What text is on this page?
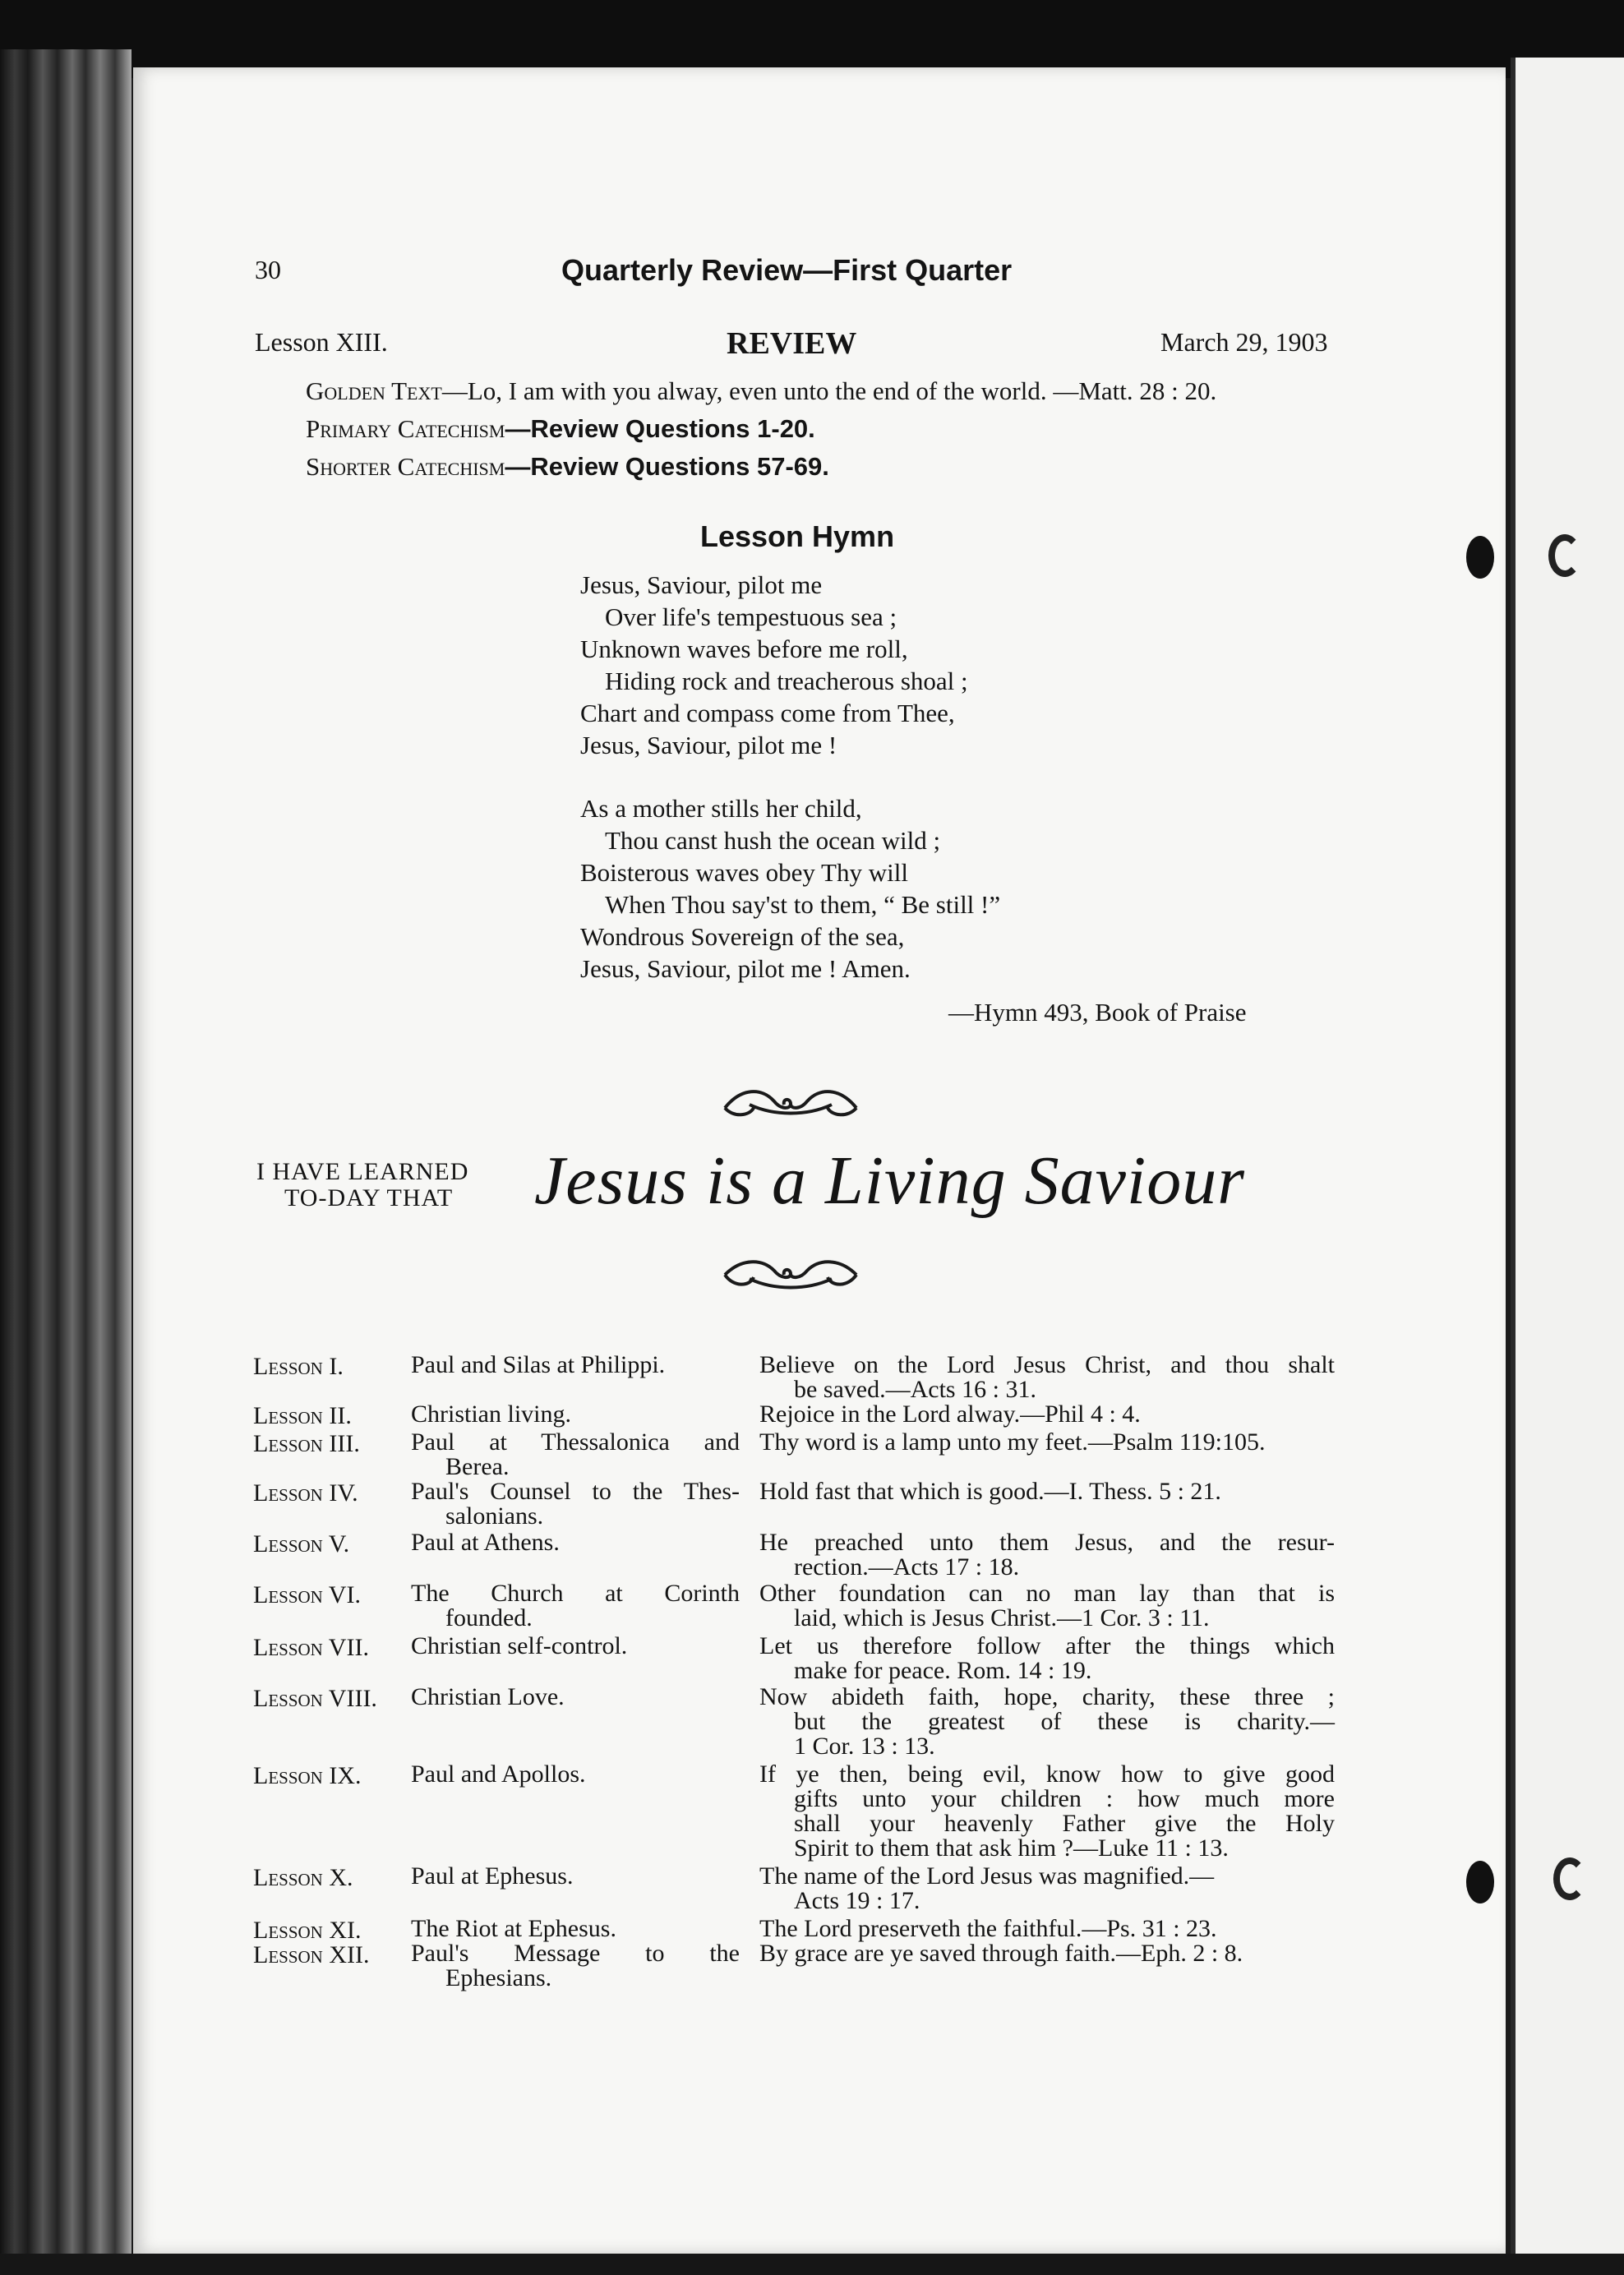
30	Quarterly Review—First Quarter
Lesson XIII.	REVIEW	March 29, 1903
Golden Text—Lo, I am with you alway, even unto the end of the world. —Matt. 28 : 20.
Primary Catechism—Review Questions 1-20.
Shorter Catechism—Review Questions 57-69.
Lesson Hymn
Jesus, Saviour, pilot me
Over life's tempestuous sea ;
Unknown waves before me roll,
Hiding rock and treacherous shoal ;
Chart and compass come from Thee,
Jesus, Saviour, pilot me !
As a mother stills her child,
Thou canst hush the ocean wild ;
Boisterous waves obey Thy will
When Thou say'st to them, “ Be still !”
Wondrous Sovereign of the sea,
Jesus, Saviour, pilot me ! Amen.
—Hymn 493, Book of Praise
I HAVE LEARNED
TO-DAY THAT Jesus is a Living Saviour
Lesson I.	Paul and Silas at Philippi.	Believe on the Lord Jesus Christ, and thou shalt
be saved.—Acts 16 : 31.
Lesson II. Christian living.	Rejoice in the Lord alway.—Phil 4 : 4.
Lesson III. Paul at Thessalonica and
Berea.
Thy word is a lamp unto my feet.—Psalm 119:105.
Lesson IV. Paul's Counsel to the Thes-
salonians.
Hold fast that which is good.—I. Thess. 5 : 21.
Lesson V. Paul at Athens.	He preached unto them Jesus, and the resur-
rection.—Acts 17 : 18.
Lesson VI. The Church at Corinth
founded.
Other foundation can no man lay than that is
laid, which is Jesus Christ.—1 Cor. 3 : 11.
Lesson VII. Christian self-control.	Let us therefore follow after the things which
make for peace. Rom. 14 : 19.
Lesson VIII. Christian Love.	Now abideth faith, hope, charity, these three ;
but the greatest of these is charity.—
1 Cor. 13 : 13.
Lesson IX. Paul and Apollos.	If ye then, being evil, know how to give good
gifts unto your children : how much more
shall your heavenly Father give the Holy
Spirit to them that ask him ?—Luke 11 : 13.
Lesson X. Paul at Ephesus.	The name of the Lord Jesus was magnified.—
Acts 19 : 17.
Lesson XI. The Riot at Ephesus.	The Lord preserveth the faithful.—Ps. 31 : 23.
Lesson XII. Paul's Message to the
Ephesians.
By grace are ye saved through faith.—Eph. 2 : 8.
